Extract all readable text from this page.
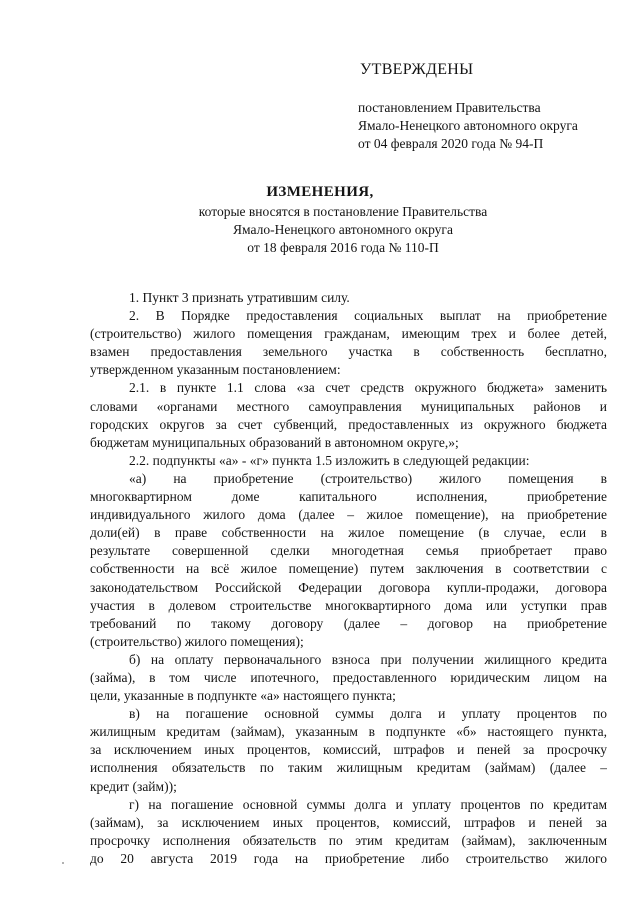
УТВЕРЖДЕНЫ
постановлением Правительства
Ямало-Ненецкого автономного округа
от 04 февраля 2020 года № 94-П
ИЗМЕНЕНИЯ,
которые вносятся в постановление Правительства
Ямало-Ненецкого автономного округа
от 18 февраля 2016 года № 110-П
1. Пункт 3 признать утратившим силу.
2. В Порядке предоставления социальных выплат на приобретение
(строительство) жилого помещения гражданам, имеющим трех и более детей,
взамен предоставления земельного участка в собственность бесплатно,
утвержденном указанным постановлением:
2.1. в пункте 1.1 слова «за счет средств окружного бюджета» заменить
словами «органами местного самоуправления муниципальных районов и
городских округов за счет субвенций, предоставленных из окружного бюджета
бюджетам муниципальных образований в автономном округе,»;
2.2. подпункты «а» - «г» пункта 1.5 изложить в следующей редакции:
«а) на приобретение (строительство) жилого помещения в
многоквартирном доме капитального исполнения, приобретение
индивидуального жилого дома (далее – жилое помещение), на приобретение
доли(ей) в праве собственности на жилое помещение (в случае, если в
результате совершенной сделки многодетная семья приобретает право
собственности на всё жилое помещение) путем заключения в соответствии с
законодательством Российской Федерации договора купли-продажи, договора
участия в долевом строительстве многоквартирного дома или уступки прав
требований по такому договору (далее – договор на приобретение
(строительство) жилого помещения);
б) на оплату первоначального взноса при получении жилищного кредита
(займа), в том числе ипотечного, предоставленного юридическим лицом на
цели, указанные в подпункте «а» настоящего пункта;
в) на погашение основной суммы долга и уплату процентов по
жилищным кредитам (займам), указанным в подпункте «б» настоящего пункта,
за исключением иных процентов, комиссий, штрафов и пеней за просрочку
исполнения обязательств по таким жилищным кредитам (займам) (далее –
кредит (займ));
г) на погашение основной суммы долга и уплату процентов по кредитам
(займам), за исключением иных процентов, комиссий, штрафов и пеней за
просрочку исполнения обязательств по этим кредитам (займам), заключенным
до 20 августа 2019 года на приобретение либо строительство жилого
